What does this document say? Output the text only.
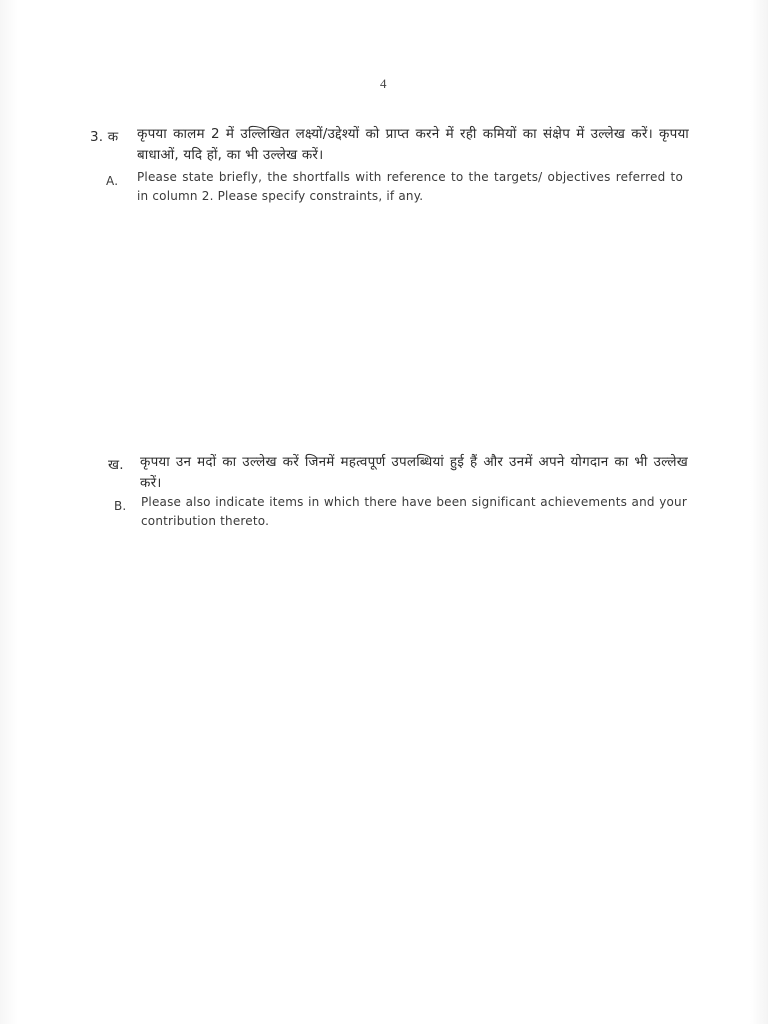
4
3. क कृपया कालम 2 में उल्लिखित लक्ष्यों/उद्देश्यों को प्राप्त करने में रही कमियों का संक्षेप में उल्लेख करें। कृपया बाधाओं, यदि हों, का भी उल्लेख करें।
A. Please state briefly, the shortfalls with reference to the targets/ objectives referred to in column 2. Please specify constraints, if any.
ख. कृपया उन मदों का उल्लेख करें जिनमें महत्वपूर्ण उपलब्धियां हुई हैं और उनमें अपने योगदान का भी उल्लेख करें।
B. Please also indicate items in which there have been significant achievements and your contribution thereto.
